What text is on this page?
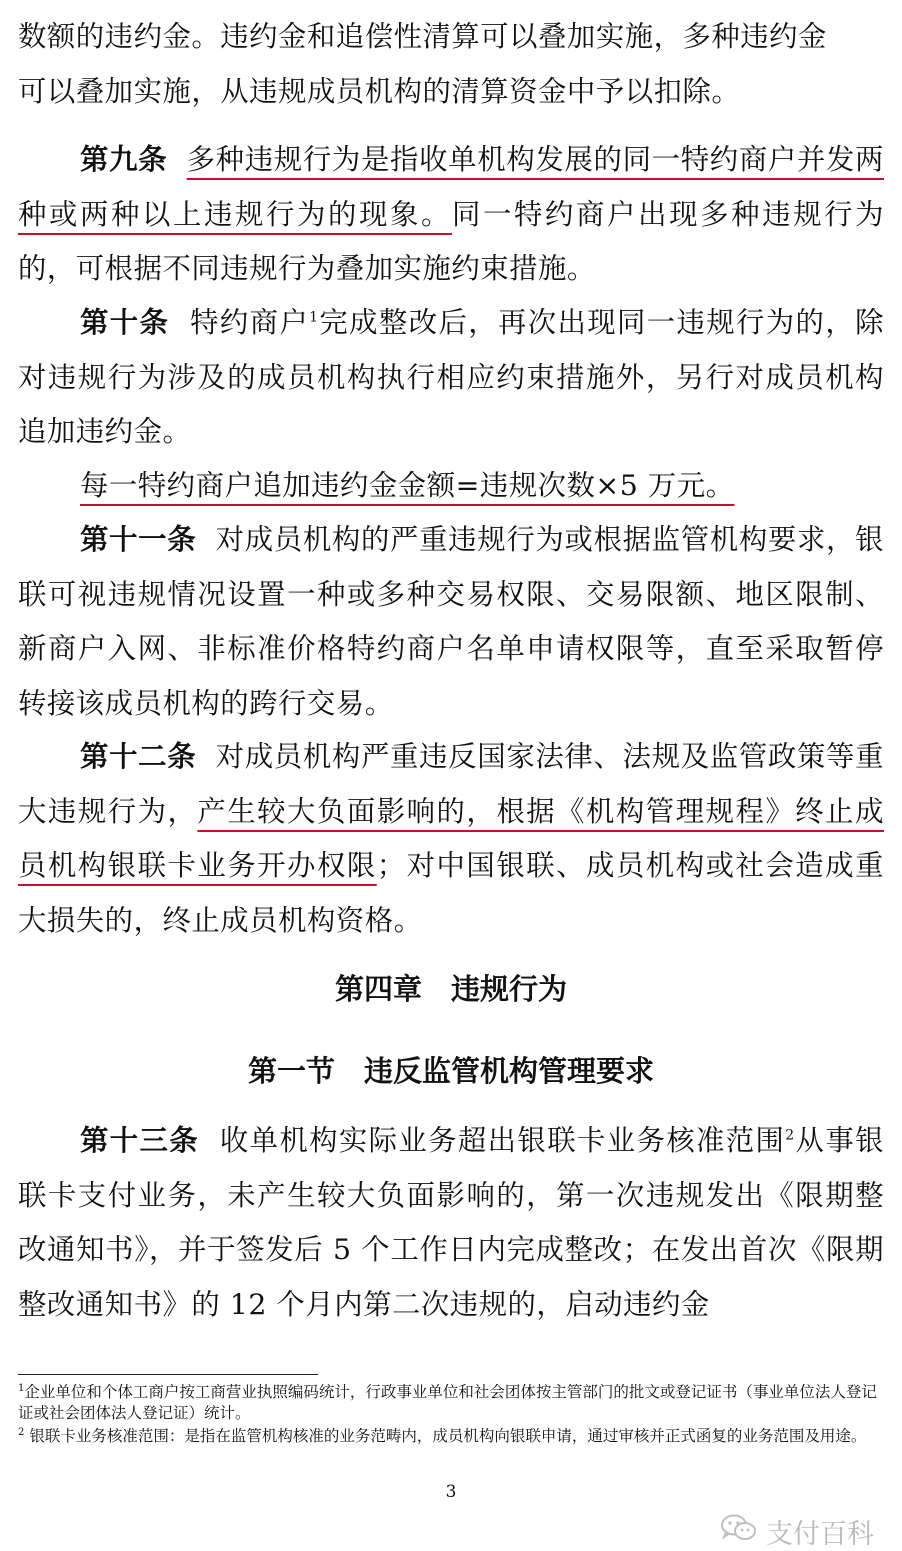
数额的违约金。违约金和追偿性清算可以叠加实施，多种违约金
可以叠加实施，从违规成员机构的清算资金中予以扣除。

第九条 多种违规行为是指收单机构发展的同一特约商户并发两种或两种以上违规行为的现象。同一特约商户出现多种违规行为的，可根据不同违规行为叠加实施约束措施。

第十条 特约商户$^1$完成整改后，再次出现同一违规行为的，除对违规行为涉及的成员机构执行相应约束措施外，另行对成员机构追加违约金。

每一特约商户追加违约金金额=违规次数×5 万元。

第十一条 对成员机构的严重违规行为或根据监管机构要求，银联可视违规情况设置一种或多种交易权限、交易限额、地区限制、新商户入网、非标准价格特约商户名单申请权限等，直至采取暂停转接该成员机构的跨行交易。

第十二条 对成员机构严重违反国家法律、法规及监管政策等重大违规行为，产生较大负面影响的，根据《机构管理规程》终止成员机构银联卡业务开办权限；对中国银联、成员机构或社会造成重大损失的，终止成员机构资格。

第四章　违规行为
第一节　违反监管机构管理要求

第十三条 收单机构实际业务超出银联卡业务核准范围$^2$从事银联卡支付业务，未产生较大负面影响的，第一次违规发出《限期整改通知书》，并于签发后 5 个工作日内完成整改；在发出首次《限期整改通知书》的 12 个月内第二次违规的，启动违约金

$^1$企业单位和个体工商户按工商营业执照编码统计，行政事业单位和社会团体按主管部门的批文或登记证书（事业单位法人登记证或社会团体法人登记证）统计。

$^2$ 银联卡业务核准范围：是指在监管机构核准的业务范畴内，成员机构向银联申请，通过审核并正式函复的业务范围及用途。

3

支付百科
